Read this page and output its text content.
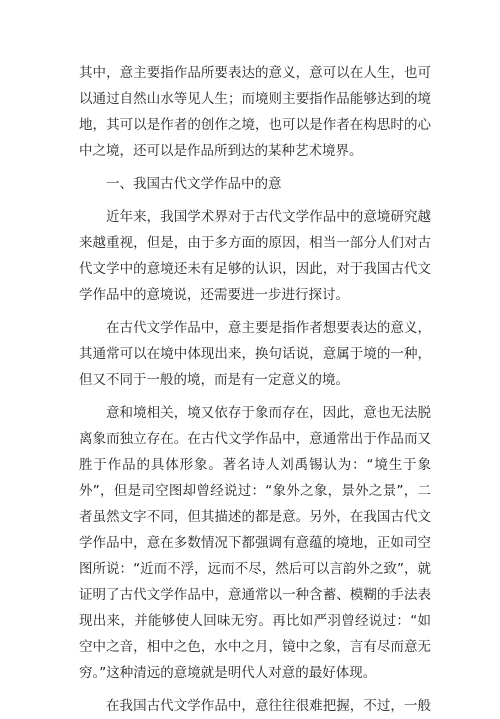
其中，意主要指作品所要表达的意义，意可以在人生，也可
以通过自然山水等见人生；而境则主要指作品能够达到的境
地，其可以是作者的创作之境，也可以是作者在构思时的心
中之境，还可以是作品所到达的某种艺术境界。
一、我国古代文学作品中的意
近年来，我国学术界对于古代文学作品中的意境研究越
来越重视，但是，由于多方面的原因，相当一部分人们对古
代文学中的意境还未有足够的认识，因此，对于我国古代文
学作品中的意境说，还需要进一步进行探讨。
在古代文学作品中，意主要是指作者想要表达的意义，
其通常可以在境中体现出来，换句话说，意属于境的一种，
但又不同于一般的境，而是有一定意义的境。
意和境相关，境又依存于象而存在，因此，意也无法脱
离象而独立存在。在古代文学作品中，意通常出于作品而又
胜于作品的具体形象。著名诗人刘禹锡认为：“境生于象
外”，但是司空图却曾经说过：“象外之象，景外之景”，二
者虽然文字不同，但其描述的都是意。另外，在我国古代文
学作品中，意在多数情况下都强调有意蕴的境地，正如司空
图所说：“近而不浮，远而不尽，然后可以言韵外之致”，就
证明了古代文学作品中，意通常以一种含蓄、模糊的手法表
现出来，并能够使人回味无穷。再比如严羽曾经说过：“如
空中之音，相中之色，水中之月，镜中之象，言有尽而意无
穷。”这种清远的意境就是明代人对意的最好体现。
在我国古代文学作品中，意往往很难把握，不过，一般
